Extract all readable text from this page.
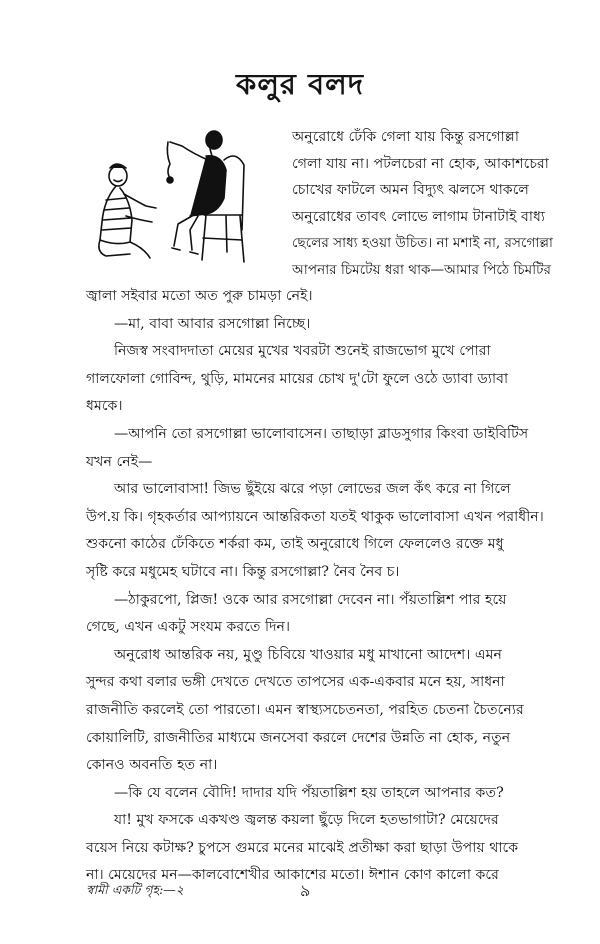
কলুর বলদ

অনুরোধে ঢেঁকি গেলা যায় কিন্তু রসগোল্লা

গেলা যায় না। পটলচেরা না হোক, আকাশচেরা

চোখের ফাটলে অমন বিদ্যুৎ ঝলসে থাকলে

অনুরোধের তাবৎ লোভে লাগাম টানাটাই বাধ্য

ছেলের সাধ্য হওয়া উচিত। না মশাই না, রসগোল্লা

আপনার চিমটেয় ধরা থাক—আমার পিঠে চিমটির

জ্বালা সইবার মতো অত পুরু চামড়া নেই।

—মা, বাবা আবার রসগোল্লা নিচ্ছে।

নিজস্ব সংবাদদাতা মেয়ের মুখের খবরটা শুনেই রাজভোগ মুখে পোরা

গালফোলা গোবিন্দ, থুড়ি, মামনের মায়ের চোখ দু'টো ফুলে ওঠে ড্যাবা ড্যাবা

ধমকে।

—আপনি তো রসগোল্লা ভালোবাসেন। তাছাড়া ব্লাডসুগার কিংবা ডাইবিটিস

যখন নেই—

আর ভালোবাসা! জিভ ছুঁইয়ে ঝরে পড়া লোভের জল কঁৎ করে না গিলে

উপ.য় কি। গৃহকর্তার আপ্যায়নে আন্তরিকতা যতই থাকুক ভালোবাসা এখন পরাধীন।

শুকনো কাঠের ঢেঁকিতে শর্করা কম, তাই অনুরোধে গিলে ফেললেও রক্তে মধু

সৃষ্টি করে মধুমেহ ঘটাবে না। কিন্তু রসগোল্লা? নৈব নৈব চ।

—ঠাকুরপো, প্লিজ! ওকে আর রসগোল্লা দেবেন না। পঁয়তাল্লিশ পার হয়ে

গেছে, এখন একটু সংযম করতে দিন।

অনুরোধ আন্তরিক নয়, মুণ্ডু চিবিয়ে খাওয়ার মধু মাখানো আদেশ। এমন

সুন্দর কথা বলার ভঙ্গী দেখতে দেখতে তাপসের এক-একবার মনে হয়, সাধনা

রাজনীতি করলেই তো পারতো। এমন স্বাস্থ্যসচেতনতা, পরহিত চেতনা চৈতন্যের

কোয়ালিটি, রাজনীতির মাধ্যমে জনসেবা করলে দেশের উন্নতি না হোক, নতুন

কোনও অবনতি হত না।

—কি যে বলেন বৌদি! দাদার যদি পঁয়তাল্লিশ হয় তাহলে আপনার কত?

যা! মুখ ফসকে একখণ্ড জ্বলন্ত কয়লা ছুঁড়ে দিলে হতভাগাটা? মেয়েদের

বয়েস নিয়ে কটাক্ষ? চুপসে গুমরে মনের মাঝেই প্রতীক্ষা করা ছাড়া উপায় থাকে

না। মেয়েদের মন—কালবোশেখীর আকাশের মতো। ঈশান কোণ কালো করে

স্বামী একটি গৃহ:—২	৯
